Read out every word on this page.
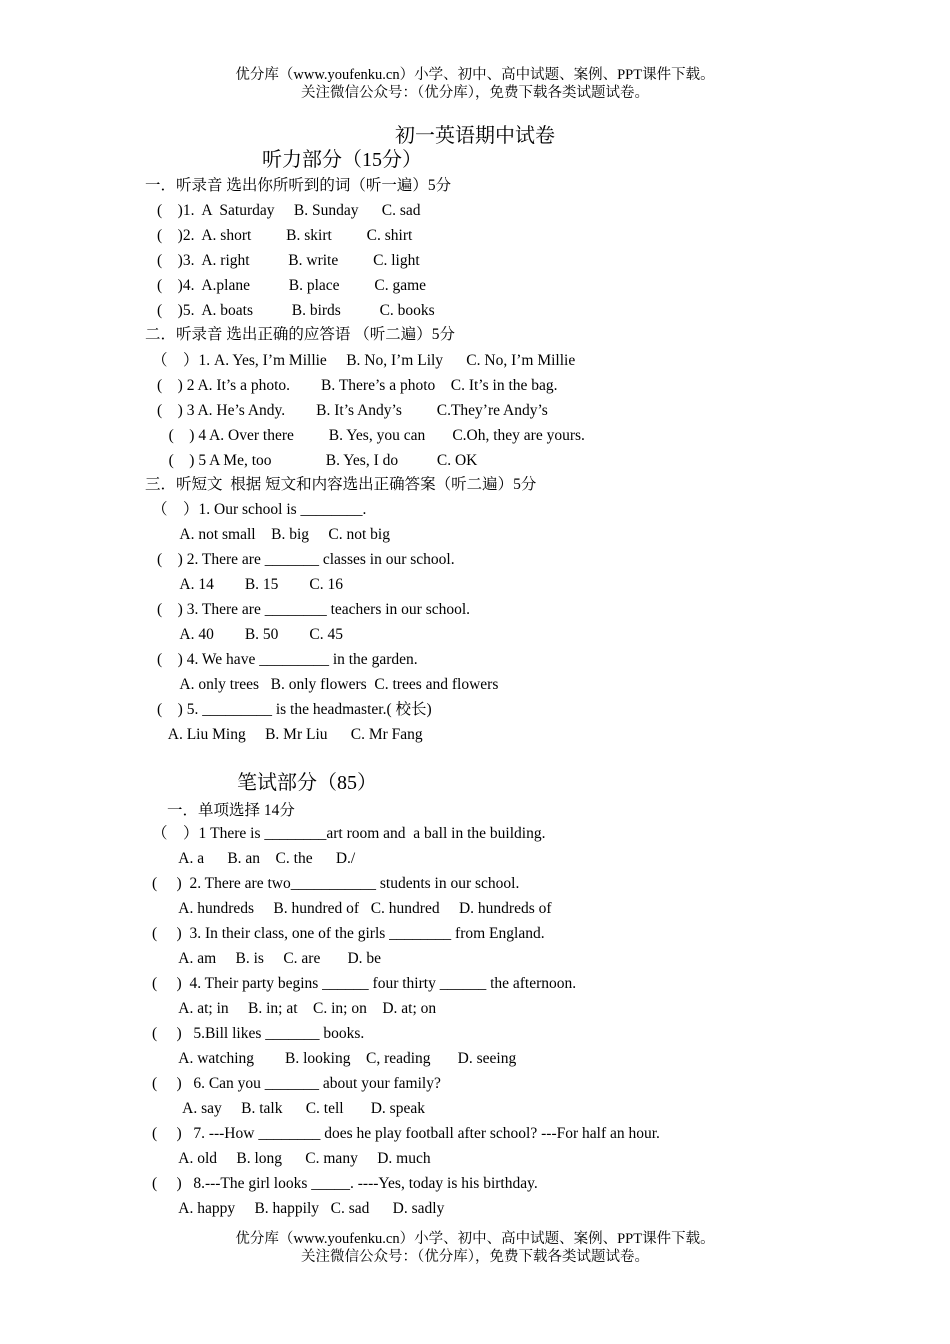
优分库（www.youfenku.cn）小学、初中、高中试题、案例、PPT课件下载。
关注微信公众号：（优分库），免费下载各类试题试卷。
初一英语期中试卷
听力部分（15分）
一．听录音 选出你所听到的词（听一遍）5分
(    )1.  A  Saturday     B. Sunday      C. sad
(    )2.  A. short         B. skirt         C. shirt
(    )3.  A. right          B. write         C. light
(    )4.  A.plane          B. place         C. game
(    )5.  A. boats          B. birds          C. books
二．听录音 选出正确的应答语 （听二遍）5分
（    ）1. A. Yes, I’m Millie     B. No, I’m Lily      C. No, I’m Millie
(    ) 2 A. It’s a photo.        B. There’s a photo    C. It’s in the bag.
(    ) 3 A. He’s Andy.        B. It’s Andy’s         C.They’re Andy’s
(    ) 4 A. Over there         B. Yes, you can       C.Oh, they are yours.
(    ) 5 A Me, too              B. Yes, I do          C. OK
三．听短文  根据 短文和内容选出正确答案（听二遍）5分
（    ）1. Our school is ________.
A. not small    B. big     C. not big
(    ) 2. There are _______ classes in our school.
A. 14        B. 15        C. 16
(    ) 3. There are ________ teachers in our school.
A. 40        B. 50        C. 45
(    ) 4. We have _________ in the garden.
A. only trees   B. only flowers  C. trees and flowers
(    ) 5. _________ is the headmaster.( 校长)
A. Liu Ming     B. Mr Liu      C. Mr Fang
笔试部分（85）
一．单项选择 14分
（    ）1 There is ________art room and  a ball in the building.
A. a      B. an    C. the      D./
(     )  2. There are two___________ students in our school.
A. hundreds     B. hundred of   C. hundred     D. hundreds of
(     )  3. In their class, one of the girls ________ from England.
A. am     B. is     C. are       D. be
(     )  4. Their party begins ______ four thirty ______ the afternoon.
A. at; in     B. in; at    C. in; on    D. at; on
(     )   5.Bill likes _______ books.
A. watching        B. looking    C, reading       D. seeing
(     )   6. Can you _______ about your family?
A. say     B. talk      C. tell       D. speak
(     )   7. ---How ________ does he play football after school? ---For half an hour.
A. old     B. long      C. many     D. much
(     )   8.---The girl looks _____. ----Yes, today is his birthday.
A. happy     B. happily   C. sad      D. sadly
优分库（www.youfenku.cn）小学、初中、高中试题、案例、PPT课件下载。
关注微信公众号：（优分库），免费下载各类试题试卷。
